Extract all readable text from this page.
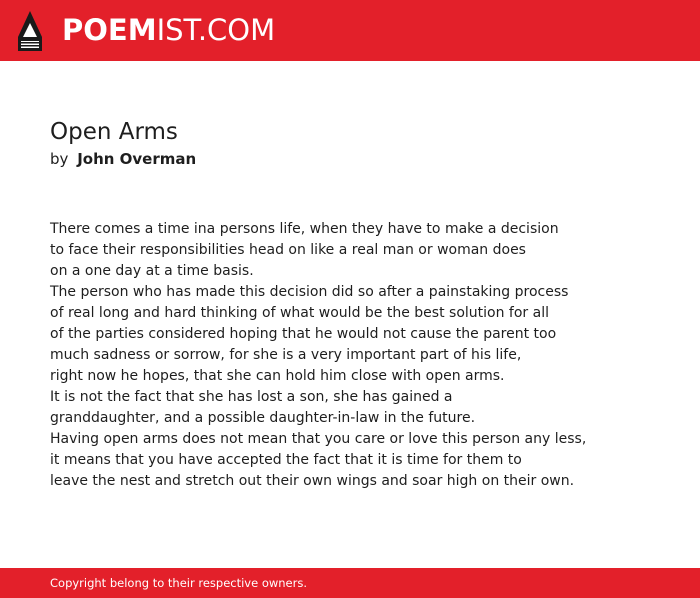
POEMIST.COM
Open Arms
by John Overman
There comes a time ina persons life, when they have to make a decision
to face their responsibilities head on like a real man or woman does
on a one day at a time basis.
The person who has made this decision did so after a painstaking process
of real long and hard thinking of what would be the best solution for all
of the parties considered hoping that he would not cause the parent too
much sadness or sorrow, for she is a very important part of his life,
right now he hopes, that she can hold him close with open arms.
It is not the fact that she has lost a son, she has gained a
granddaughter, and a possible daughter-in-law in the future.
Having open arms does not mean that you care or love this person any less,
it means that you have accepted the fact that it is time for them to
leave the nest and stretch out their own wings and soar high on their own.
Copyright belong to their respective owners.
